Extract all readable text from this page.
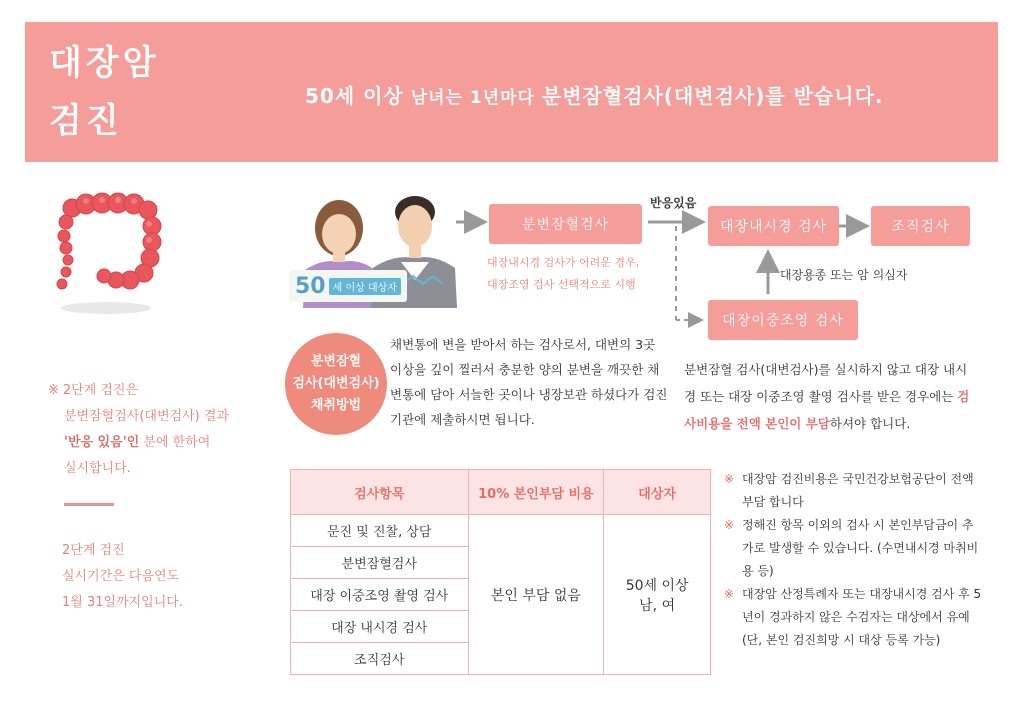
대장암
검진
50세 이상 남녀는 1년마다 분변잠혈검사(대변검사)를 받습니다.
※ 2단계 검진은
분변잠혈검사(대변검사) 결과
'반응 있음'인 분에 한하여
실시합니다.
2단계 검진
실시기간은 다음연도
1월 31일까지입니다.
50 세 이상 대상자
분변잠혈검사
반응있음
대장내시경 검사	조직검사
대장내시경 검사가 어려운 경우,
대장조영 검사 선택적으로 시행
대장용종 또는 암 의심자
대장이중조영 검사
분변잠혈
검사(대변검사)
채취방법
채변통에 변을 받아서 하는 검사로서, 대변의 3곳 이상을 깊이 찔러서 충분한 양의 분변을 깨끗한 채변통에 담아 서늘한 곳이나 냉장보관 하셨다가 검진기관에 제출하시면 됩니다.
분변잠혈 검사(대변검사)를 실시하지 않고 대장 내시경 또는 대장 이중조영 촬영 검사를 받은 경우에는 검사비용을 전액 본인이 부담하셔야 합니다.
검사항목	10% 본인부담 비용	대상자
문진 및 진찰, 상담	본인 부담 없음	50세 이상
남, 여

분변잠혈검사		
대장 이중조영 촬영 검사		
대장 내시경 검사		
조직검사		
※ 대장암 검진비용은 국민건강보험공단이 전액 부담 합니다
※ 정해진 항목 이외의 검사 시 본인부담금이 추가로 발생할 수 있습니다. (수면내시경 마취비용 등)
※ 대장암 산정특례자 또는 대장내시경 검사 후 5년이 경과하지 않은 수검자는 대상에서 유예(단, 본인 검진희망 시 대상 등록 가능)
